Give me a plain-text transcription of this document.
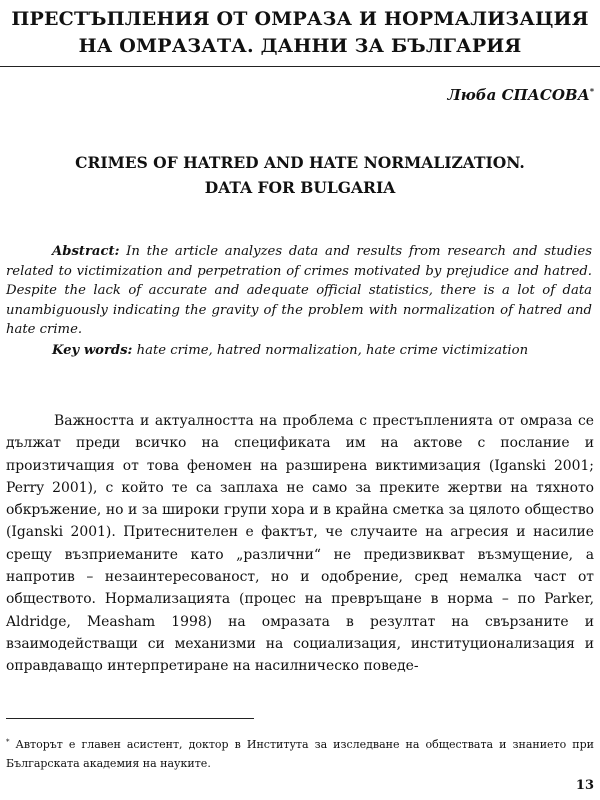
ПРЕСТЪПЛЕНИЯ ОТ ОМРАЗА И НОРМАЛИЗАЦИЯ
НА ОМРАЗАТА. ДАННИ ЗА БЪЛГАРИЯ
Люба СПАСОВА*
CRIMES OF HATRED AND HATE NORMALIZATION.
DATA FOR BULGARIA
Abstract: In the article analyzes data and results from research and studies related to victimization and perpetration of crimes motivated by prejudice and hatred. Despite the lack of accurate and adequate official statistics, there is a lot of data unambiguously indicating the gravity of the problem with normalization of hatred and hate crime.
Key words: hate crime, hatred normalization, hate crime victimization
Важността и актуалността на проблема с престъпленията от омраза се дължат преди всичко на спецификата им на актове с послание и произтичащия от това феномен на разширена виктимизация (Iganski 2001; Perry 2001), с който те са заплаха не само за преките жертви на тяхното обкръжение, но и за широки групи хора и в крайна сметка за цялото общество (Iganski 2001). Притеснителен е фактът, че случаите на агресия и насилие срещу възприеманите като „различни“ не предизвикват възмущение, а напротив – незаинтересованост, но и одобрение, сред немалка част от обществото. Нормализацията (процес на превръщане в норма – по Parker, Aldridge, Measham 1998) на омразата в резултат на свързаните и взаимодействащи си механизми на социализация, институционализация и оправдаващо интерпретиране на насилническо поведе-
* Авторът е главен асистент, доктор в Института за изследване на обществата и знанието при Българската академия на науките.
13
